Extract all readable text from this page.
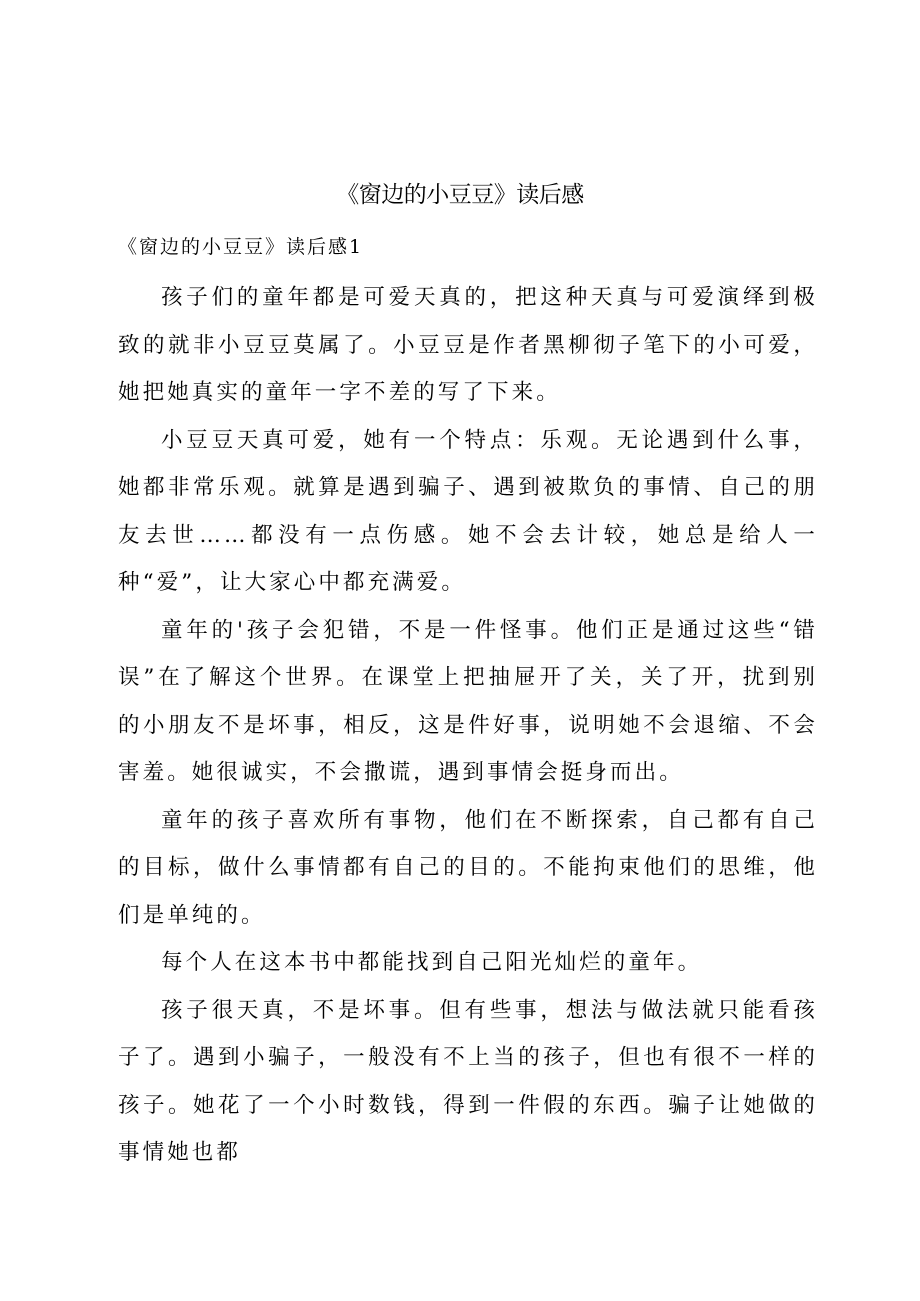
《窗边的小豆豆》读后感
《窗边的小豆豆》读后感1

孩子们的童年都是可爱天真的，把这种天真与可爱演绎到极致的就非小豆豆莫属了。小豆豆是作者黑柳彻子笔下的小可爱，她把她真实的童年一字不差的写了下来。

小豆豆天真可爱，她有一个特点：乐观。无论遇到什么事，她都非常乐观。就算是遇到骗子、遇到被欺负的事情、自己的朋友去世……都没有一点伤感。她不会去计较，她总是给人一种“爱”，让大家心中都充满爱。

童年的'孩子会犯错，不是一件怪事。他们正是通过这些“错误”在了解这个世界。在课堂上把抽屉开了关，关了开，扰到别的小朋友不是坏事，相反，这是件好事，说明她不会退缩、不会害羞。她很诚实，不会撒谎，遇到事情会挺身而出。

童年的孩子喜欢所有事物，他们在不断探索，自己都有自己的目标，做什么事情都有自己的目的。不能拘束他们的思维，他们是单纯的。

每个人在这本书中都能找到自己阳光灿烂的童年。

孩子很天真，不是坏事。但有些事，想法与做法就只能看孩子了。遇到小骗子，一般没有不上当的孩子，但也有很不一样的孩子。她花了一个小时数钱，得到一件假的东西。骗子让她做的事情她也都
